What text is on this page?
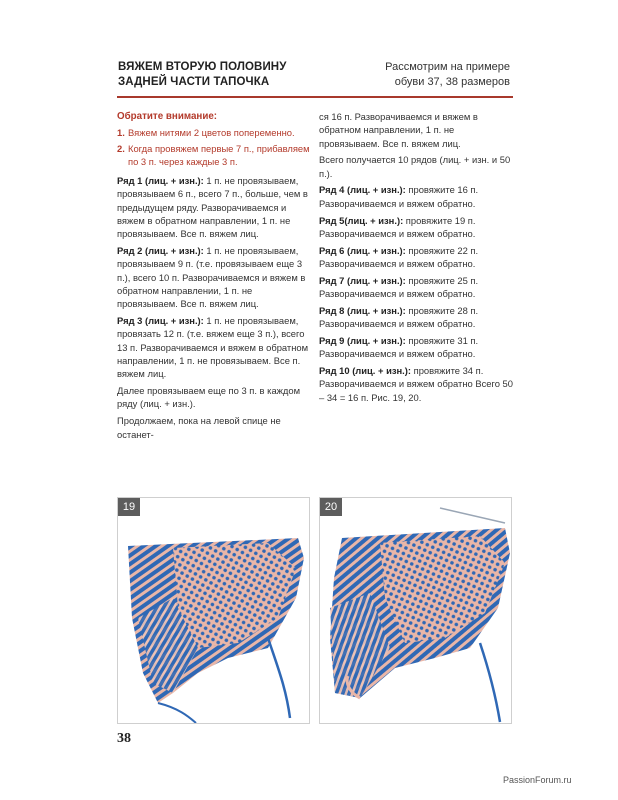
ВЯЖЕМ ВТОРУЮ ПОЛОВИНУ ЗАДНЕЙ ЧАСТИ ТАПОЧКА
Рассмотрим на примере обуви 37, 38 размеров
Обратите внимание:
1. Вяжем нитями 2 цветов попеременно.
2. Когда провяжем первые 7 п., прибавляем по 3 п. через каждые 3 п.

Ряд 1 (лиц. + изн.): 1 п. не провязываем, провязываем 6 п., всего 7 п., больше, чем в предыдущем ряду. Разворачиваемся и вяжем в обратном направлении, 1 п. не провязываем. Все п. вяжем лиц.

Ряд 2 (лиц. + изн.): 1 п. не провязываем, провязываем 9 п. (т.е. провязываем еще 3 п.), всего 10 п. Разворачиваемся и вяжем в обратном направлении, 1 п. не провязываем. Все п. вяжем лиц.

Ряд 3 (лиц. + изн.): 1 п. не провязываем, провязать 12 п. (т.е. вяжем еще 3 п.), всего 13 п. Разворачиваемся и вяжем в обратном направлении, 1 п. не провязываем. Все п. вяжем лиц.

Далее провязываем еще по 3 п. в каждом ряду (лиц. + изн.).

Продолжаем, пока на левой спице не останет-

ся 16 п. Разворачиваемся и вяжем в обратном направлении, 1 п. не провязываем. Все п. вяжем лиц.

Всего получается 10 рядов (лиц. + изн. и 50 п.).

Ряд 4 (лиц. + изн.): провяжите 16 п. Разворачиваемся и вяжем обратно.

Ряд 5(лиц. + изн.): провяжите 19 п. Разворачиваемся и вяжем обратно.

Ряд 6 (лиц. + изн.): провяжите 22 п. Разворачиваемся и вяжем обратно.

Ряд 7 (лиц. + изн.): провяжите 25 п. Разворачиваемся и вяжем обратно.

Ряд 8 (лиц. + изн.): провяжите 28 п. Разворачиваемся и вяжем обратно.

Ряд 9 (лиц. + изн.): провяжите 31 п. Разворачиваемся и вяжем обратно.

Ряд 10 (лиц. + изн.): провяжите 34 п. Разворачиваемся и вяжем обратно Всего 50 – 34 = 16 п. Рис. 19, 20.

19	20
38
PassionForum.ru
